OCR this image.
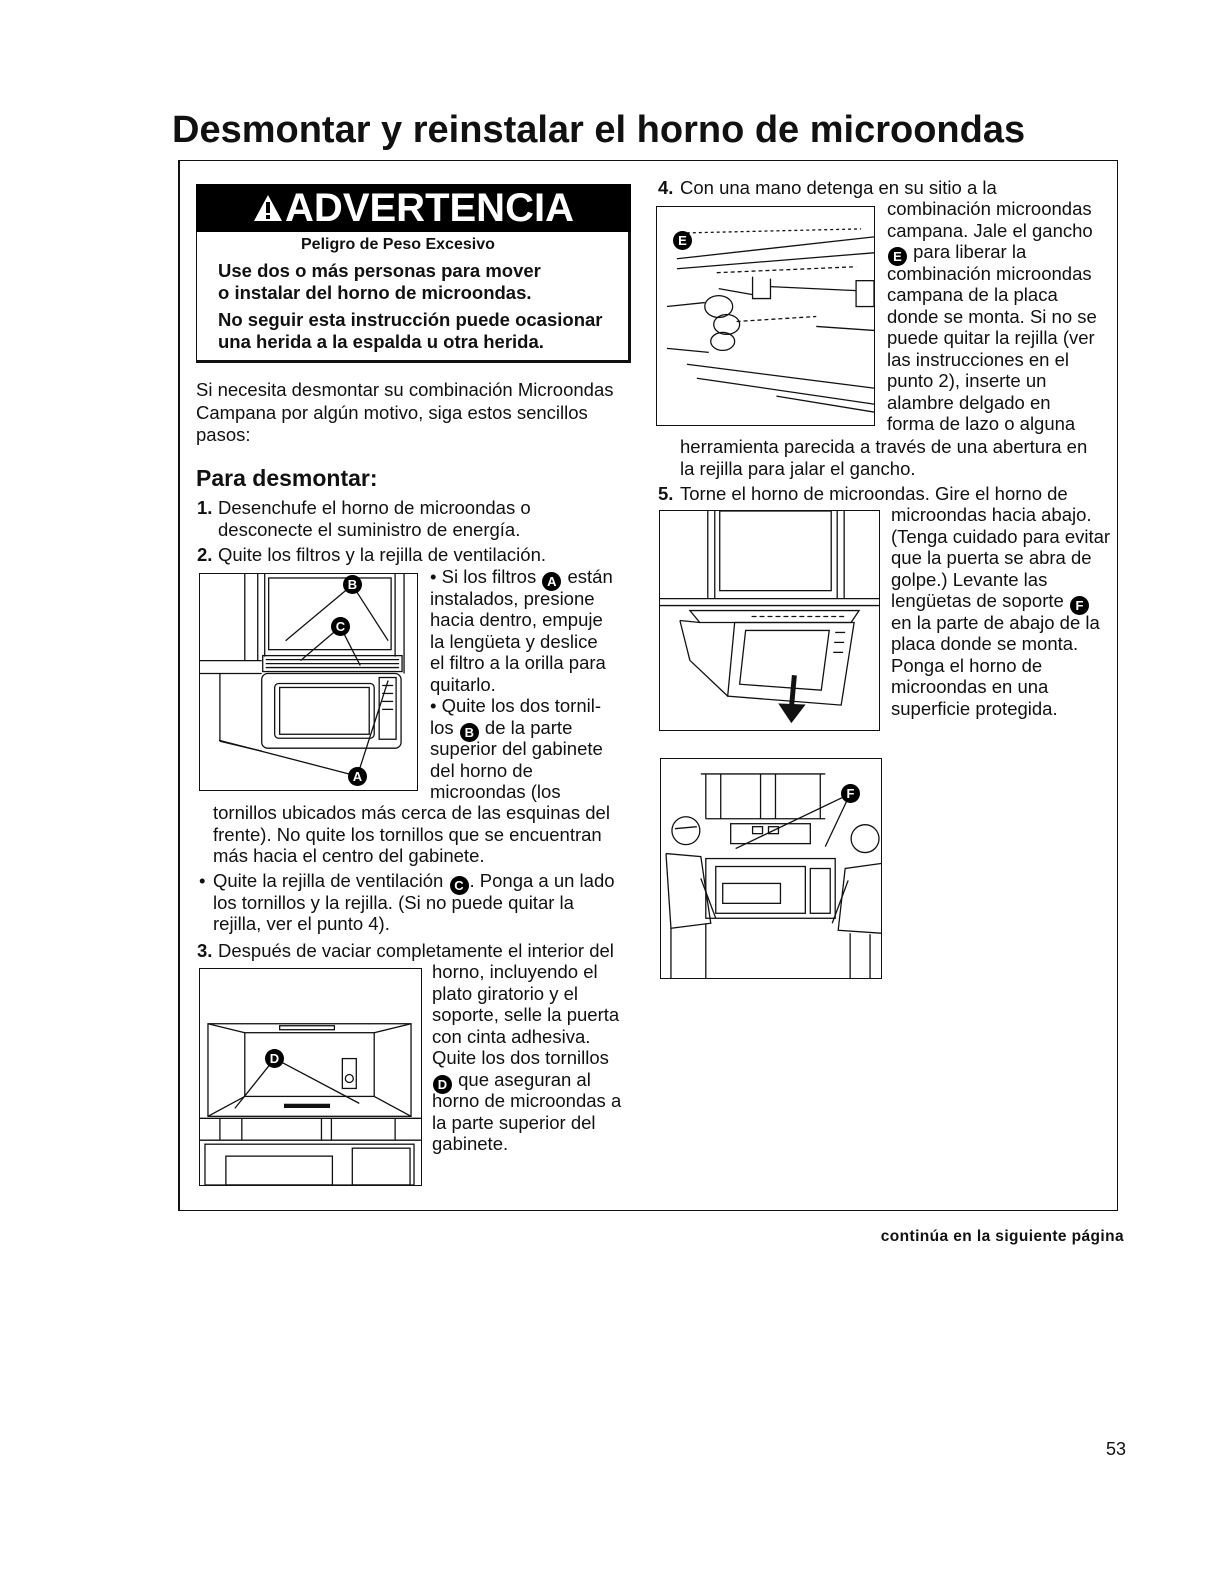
Desmontar y reinstalar el horno de microondas
ADVERTENCIA
Peligro de Peso Excesivo
Use dos o más personas para mover
o instalar del horno de microondas.
No seguir esta instrucción puede ocasionar
una herida a la espalda u otra herida.
Si necesita desmontar su combinación Microondas
Campana por algún motivo, siga estos sencillos
pasos:
Para desmontar:
1. Desenchufe el horno de microondas o
desconecte el suministro de energía.
2. Quite los filtros y la rejilla de ventilación.
B
C
A
• Si los filtros A están
instalados, presione
hacia dentro, empuje
la lengüeta y deslice
el filtro a la orilla para
quitarlo.
• Quite los dos tornil-
los B de la parte
superior del gabinete
del horno de
microondas (los
tornillos ubicados más cerca de las esquinas del
frente). No quite los tornillos que se encuentran
más hacia el centro del gabinete.
• Quite la rejilla de ventilación C . Ponga a un lado
los tornillos y la rejilla. (Si no puede quitar la
rejilla, ver el punto 4).
3. Después de vaciar completamente el interior del
D
horno, incluyendo el
plato giratorio y el
soporte, selle la puerta
con cinta adhesiva.
Quite los dos tornillos
D que aseguran al
horno de microondas a
la parte superior del
gabinete.
4. Con una mano detenga en su sitio a la
E
combinación microondas
campana. Jale el gancho
E para liberar la
combinación microondas
campana de la placa
donde se monta. Si no se
puede quitar la rejilla (ver
las instrucciones en el
punto 2), inserte un
alambre delgado en
forma de lazo o alguna
herramienta parecida a través de una abertura en
la rejilla para jalar el gancho.
5. Torne el horno de microondas. Gire el horno de
microondas hacia abajo.
(Tenga cuidado para evitar
que la puerta se abra de
golpe.) Levante las
lengüetas de soporte F
en la parte de abajo de la
placa donde se monta.
Ponga el horno de
microondas en una
superficie protegida.
F
continúa en la siguiente página
53
